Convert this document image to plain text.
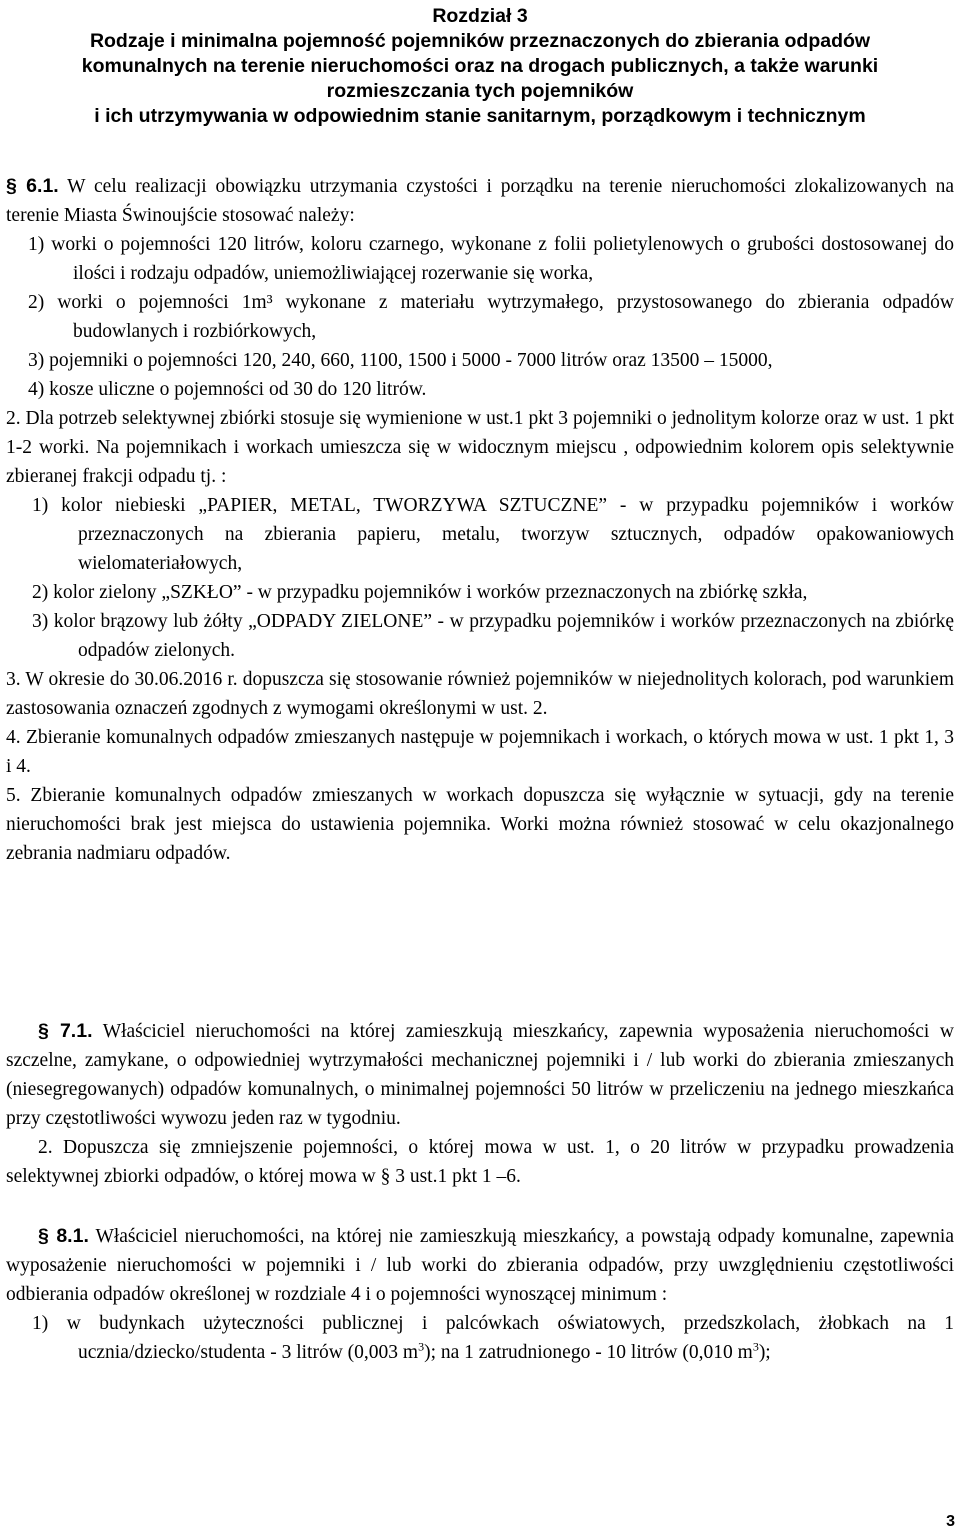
Rozdział 3
Rodzaje i minimalna pojemność pojemników przeznaczonych do zbierania odpadów
komunalnych na terenie nieruchomości oraz na drogach publicznych, a także warunki
rozmieszczania tych pojemników
i ich utrzymywania w odpowiednim stanie sanitarnym, porządkowym i technicznym
§ 6.1. W celu realizacji obowiązku utrzymania czystości i porządku na terenie nieruchomości zlokalizowanych na terenie Miasta Świnoujście stosować należy:
1) worki o pojemności 120 litrów, koloru czarnego, wykonane z folii polietylenowych o grubości dostosowanej do ilości i rodzaju odpadów, uniemożliwiającej rozerwanie się worka,
2) worki o pojemności 1m³ wykonane z materiału wytrzymałego, przystosowanego do zbierania odpadów budowlanych i rozbiórkowych,
3) pojemniki o pojemności 120, 240, 660, 1100, 1500 i 5000 - 7000 litrów oraz 13500 – 15000,
4) kosze uliczne o pojemności od 30 do 120 litrów.
2. Dla potrzeb selektywnej zbiórki stosuje się wymienione w ust.1 pkt 3 pojemniki o jednolitym kolorze oraz w ust. 1 pkt 1-2 worki. Na pojemnikach i workach umieszcza się w widocznym miejscu , odpowiednim kolorem opis selektywnie zbieranej frakcji odpadu tj. :
1) kolor niebieski „PAPIER, METAL, TWORZYWA SZTUCZNE” - w przypadku pojemników i worków przeznaczonych na zbierania papieru, metalu, tworzyw sztucznych, odpadów opakowaniowych wielomateriałowych,
2) kolor zielony „SZKŁO” - w przypadku pojemników i worków przeznaczonych na zbiórkę szkła,
3) kolor brązowy lub żółty „ODPADY ZIELONE” - w przypadku pojemników i worków przeznaczonych na zbiórkę odpadów zielonych.
3. W okresie do 30.06.2016 r. dopuszcza się stosowanie również pojemników w niejednolitych kolorach, pod warunkiem zastosowania oznaczeń zgodnych z wymogami określonymi w ust. 2.
4. Zbieranie komunalnych odpadów zmieszanych następuje w pojemnikach i workach, o których mowa w ust. 1 pkt 1, 3 i 4.
5. Zbieranie komunalnych odpadów zmieszanych w workach dopuszcza się wyłącznie w sytuacji, gdy na terenie nieruchomości brak jest miejsca do ustawienia pojemnika. Worki można również stosować w celu okazjonalnego zebrania nadmiaru odpadów.
§ 7.1. Właściciel nieruchomości na której zamieszkują mieszkańcy, zapewnia wyposażenia nieruchomości w szczelne, zamykane, o odpowiedniej wytrzymałości mechanicznej pojemniki i / lub worki do zbierania zmieszanych (niesegregowanych) odpadów komunalnych, o minimalnej pojemności 50 litrów w przeliczeniu na jednego mieszkańca przy częstotliwości wywozu jeden raz w tygodniu.
2. Dopuszcza się zmniejszenie pojemności, o której mowa w ust. 1, o 20 litrów w przypadku prowadzenia selektywnej zbiorki odpadów, o której mowa w § 3 ust.1 pkt 1 –6.
§ 8.1. Właściciel nieruchomości, na której nie zamieszkują mieszkańcy, a powstają odpady komunalne, zapewnia wyposażenie nieruchomości w pojemniki i / lub worki do zbierania odpadów, przy uwzględnieniu częstotliwości odbierania odpadów określonej w rozdziale 4 i o pojemności wynoszącej minimum :
1) w budynkach użyteczności publicznej i palcówkach oświatowych, przedszkolach, żłobkach na 1 ucznia/dziecko/studenta - 3 litrów (0,003 $m^3$); na 1 zatrudnionego - 10 litrów (0,010 $m^3$);
3
